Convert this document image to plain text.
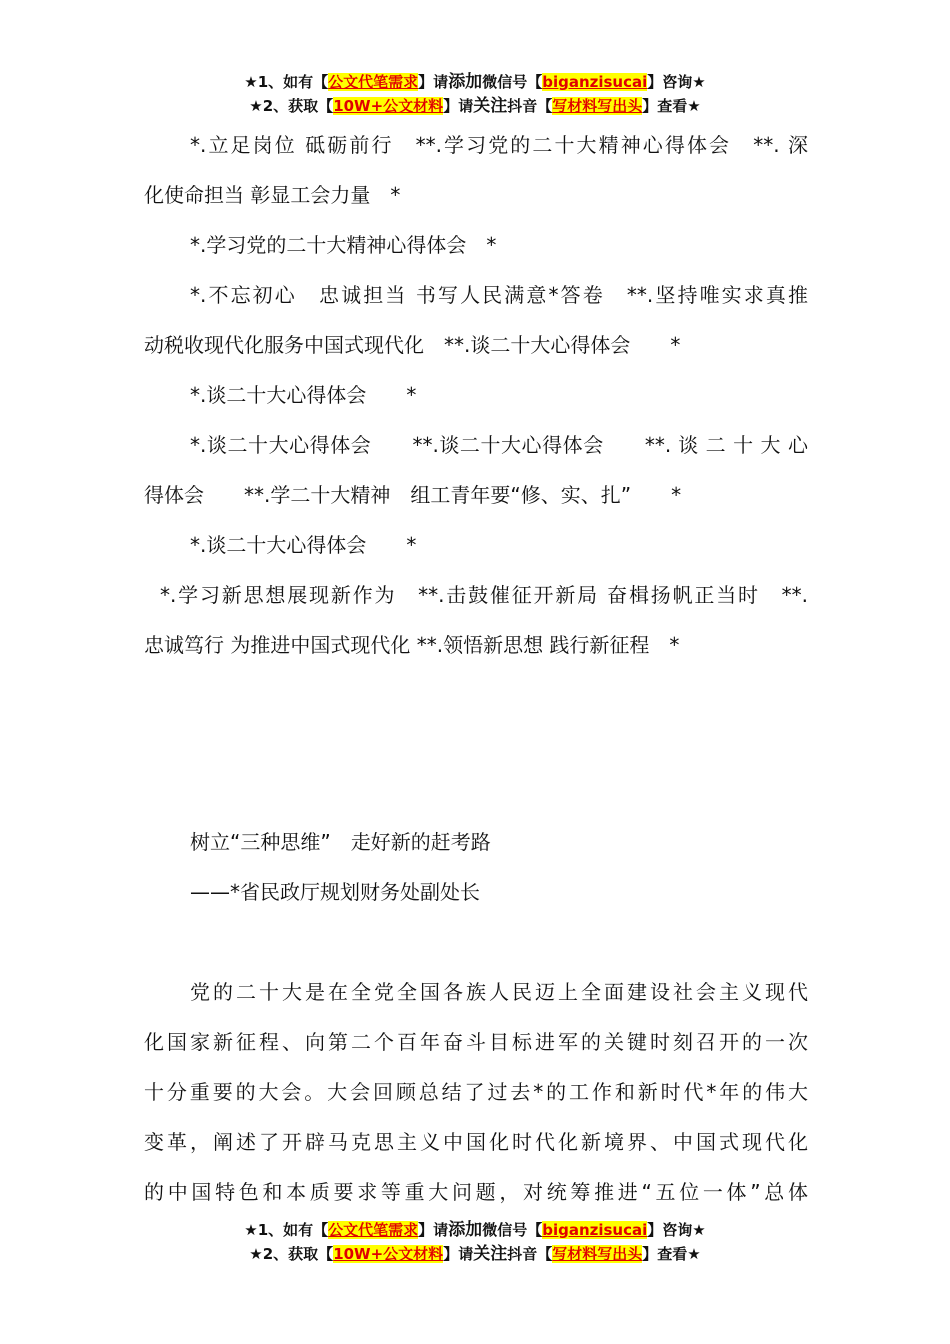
★1、如有【公文代笔需求】请添加微信号【biganzisucai】咨询★
★2、获取【10W+公文材料】请关注抖音【写材料写出头】查看★
*.立足岗位 砥砺前行　**.学习党的二十大精神心得体会　**. 深
化使命担当 彰显工会力量　*
*.学习党的二十大精神心得体会　*
*.不忘初心　忠诚担当 书写人民满意*答卷　**.坚持唯实求真推
动税收现代化服务中国式现代化　**.谈二十大心得体会　　*
*.谈二十大心得体会　　*
*.谈二十大心得体会　　**.谈二十大心得体会　　**. 谈 二 十 大 心
得体会　　**.学二十大精神　组工青年要“修、实、扎”　　*
*.谈二十大心得体会　　*
*.学习新思想展现新作为　**.击鼓催征开新局 奋楫扬帆正当时　**.
忠诚笃行 为推进中国式现代化 **.领悟新思想 践行新征程　*
树立“三种思维”　走好新的赶考路
——*省民政厅规划财务处副处长
党的二十大是在全党全国各族人民迈上全面建设社会主义现代
化国家新征程、向第二个百年奋斗目标进军的关键时刻召开的一次
十分重要的大会。大会回顾总结了过去*的工作和新时代*年的伟大
变革，阐述了开辟马克思主义中国化时代化新境界、中国式现代化
的中国特色和本质要求等重大问题，对统筹推进“五位一体”总体
★1、如有【公文代笔需求】请添加微信号【biganzisucai】咨询★
★2、获取【10W+公文材料】请关注抖音【写材料写出头】查看★
